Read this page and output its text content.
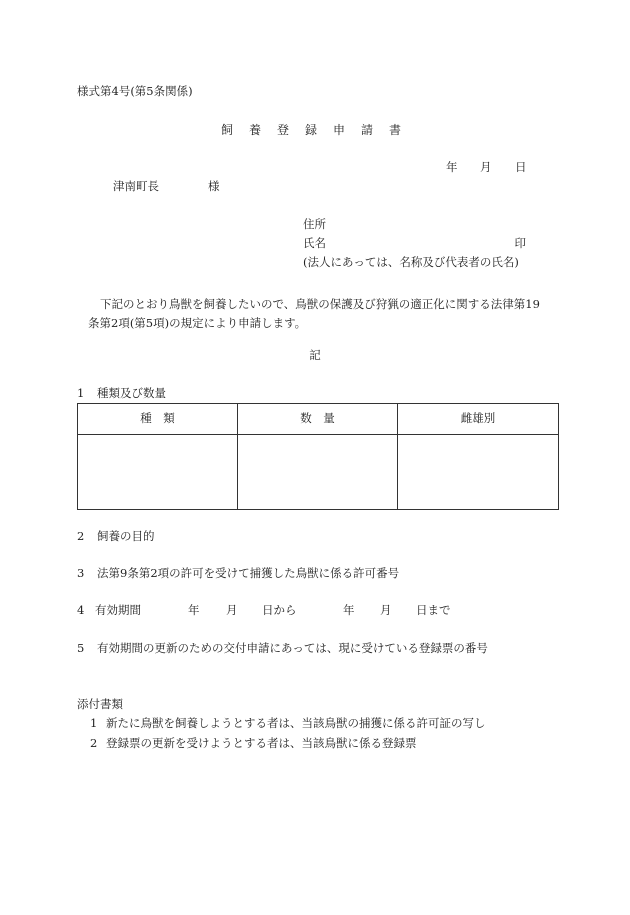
様式第4号(第5条関係)
飼養登録申請書
年 月 日
津南町長	様
住所
氏名	印
(法人にあっては、名称及び代表者の氏名)

下記のとおり鳥獣を飼養したいので、鳥獣の保護及び狩猟の適正化に関する法律第19

条第2項(第5項)の規定により申請します。

記
1 種類及び数量
種　類	数　量	雌雄別

2 飼養の目的
3 法第9条第2項の許可を受けて捕獲した鳥獣に係る許可番号
4 有効期間	年 月 日から	年 月 日まで
5 有効期間の更新のための交付申請にあっては、現に受けている登録票の番号
添付書類
1 新たに鳥獣を飼養しようとする者は、当該鳥獣の捕獲に係る許可証の写し
2 登録票の更新を受けようとする者は、当該鳥獣に係る登録票
